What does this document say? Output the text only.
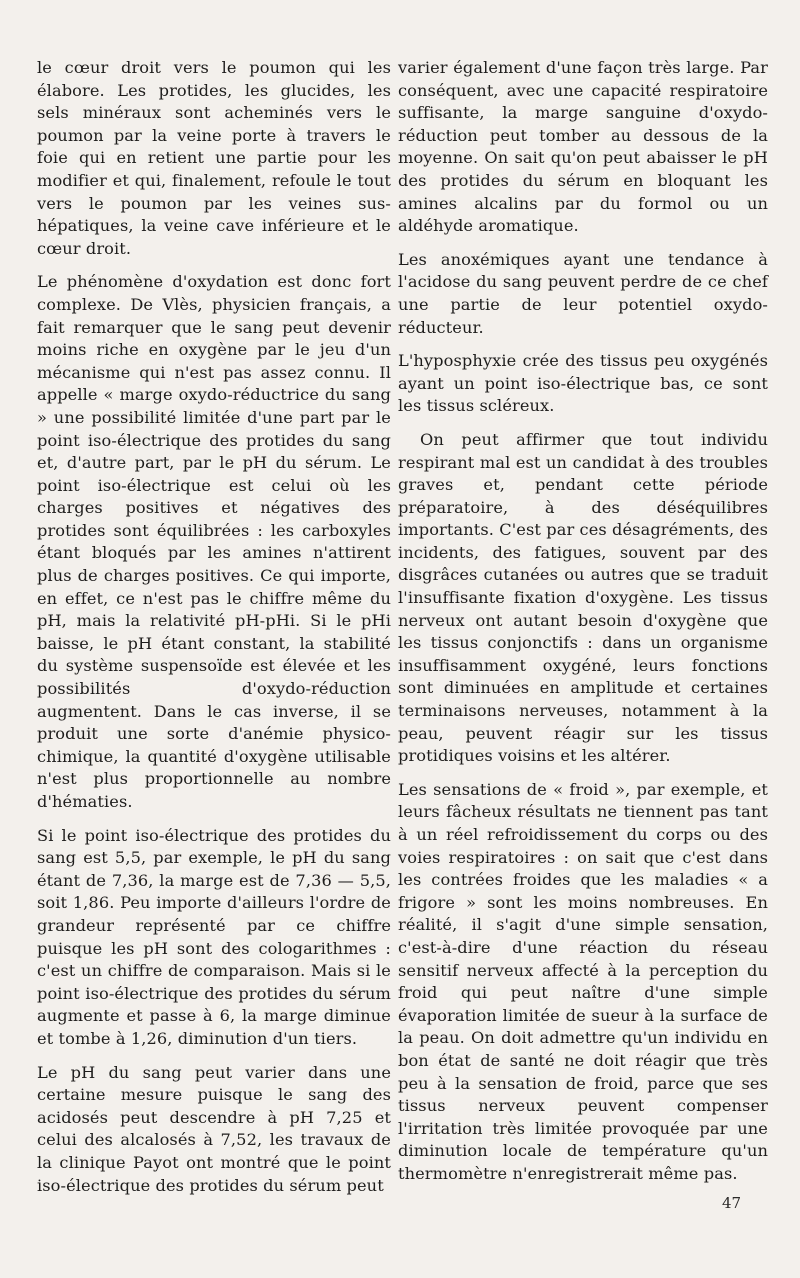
le cœur droit vers le poumon qui les élabore. Les protides, les glucides, les sels minéraux sont acheminés vers le poumon par la veine porte à travers le foie qui en retient une partie pour les modifier et qui, finalement, refoule le tout vers le poumon par les veines sus-hépatiques, la veine cave inférieure et le cœur droit.

Le phénomène d'oxydation est donc fort complexe. De Vlès, physicien français, a fait remarquer que le sang peut devenir moins riche en oxygène par le jeu d'un mécanisme qui n'est pas assez connu. Il appelle « marge oxydo-réductrice du sang » une possibilité limitée d'une part par le point iso-électrique des protides du sang et, d'autre part, par le pH du sérum. Le point iso-électrique est celui où les charges positives et négatives des protides sont équilibrées : les carboxyles étant bloqués par les amines n'attirent plus de charges positives. Ce qui importe, en effet, ce n'est pas le chiffre même du pH, mais la relativité pH-pHi. Si le pHi baisse, le pH étant constant, la stabilité du système suspensoïde est élevée et les possibilités d'oxydo-réduction augmentent. Dans le cas inverse, il se produit une sorte d'anémie physico-chimique, la quantité d'oxygène utilisable n'est plus proportionnelle au nombre d'hématies.

Si le point iso-électrique des protides du sang est 5,5, par exemple, le pH du sang étant de 7,36, la marge est de 7,36 — 5,5, soit 1,86. Peu importe d'ailleurs l'ordre de grandeur représenté par ce chiffre puisque les pH sont des cologarithmes : c'est un chiffre de comparaison. Mais si le point iso-électrique des protides du sérum augmente et passe à 6, la marge diminue et tombe à 1,26, diminution d'un tiers.

Le pH du sang peut varier dans une certaine mesure puisque le sang des acidosés peut descendre à pH 7,25 et celui des alcalosés à 7,52, les travaux de la clinique Payot ont montré que le point iso-électrique des protides du sérum peut

varier également d'une façon très large. Par conséquent, avec une capacité respiratoire suffisante, la marge sanguine d'oxydo-réduction peut tomber au dessous de la moyenne. On sait qu'on peut abaisser le pH des protides du sérum en bloquant les amines alcalins par du formol ou un aldéhyde aromatique.

Les anoxémiques ayant une tendance à l'acidose du sang peuvent perdre de ce chef une partie de leur potentiel oxydo-réducteur.

L'hyposphyxie crée des tissus peu oxygénés ayant un point iso-électrique bas, ce sont les tissus scléreux.

On peut affirmer que tout individu respirant mal est un candidat à des troubles graves et, pendant cette période préparatoire, à des déséquilibres importants. C'est par ces désagréments, des incidents, des fatigues, souvent par des disgrâces cutanées ou autres que se traduit l'insuffisante fixation d'oxygène. Les tissus nerveux ont autant besoin d'oxygène que les tissus conjonctifs : dans un organisme insuffisamment oxygéné, leurs fonctions sont diminuées en amplitude et certaines terminaisons nerveuses, notamment à la peau, peuvent réagir sur les tissus protidiques voisins et les altérer.

Les sensations de « froid », par exemple, et leurs fâcheux résultats ne tiennent pas tant à un réel refroidissement du corps ou des voies respiratoires : on sait que c'est dans les contrées froides que les maladies « a frigore » sont les moins nombreuses. En réalité, il s'agit d'une simple sensation, c'est-à-dire d'une réaction du réseau sensitif nerveux affecté à la perception du froid qui peut naître d'une simple évaporation limitée de sueur à la surface de la peau. On doit admettre qu'un individu en bon état de santé ne doit réagir que très peu à la sensation de froid, parce que ses tissus nerveux peuvent compenser l'irritation très limitée provoquée par une diminution locale de température qu'un thermomètre n'enregistrerait même pas.

47
